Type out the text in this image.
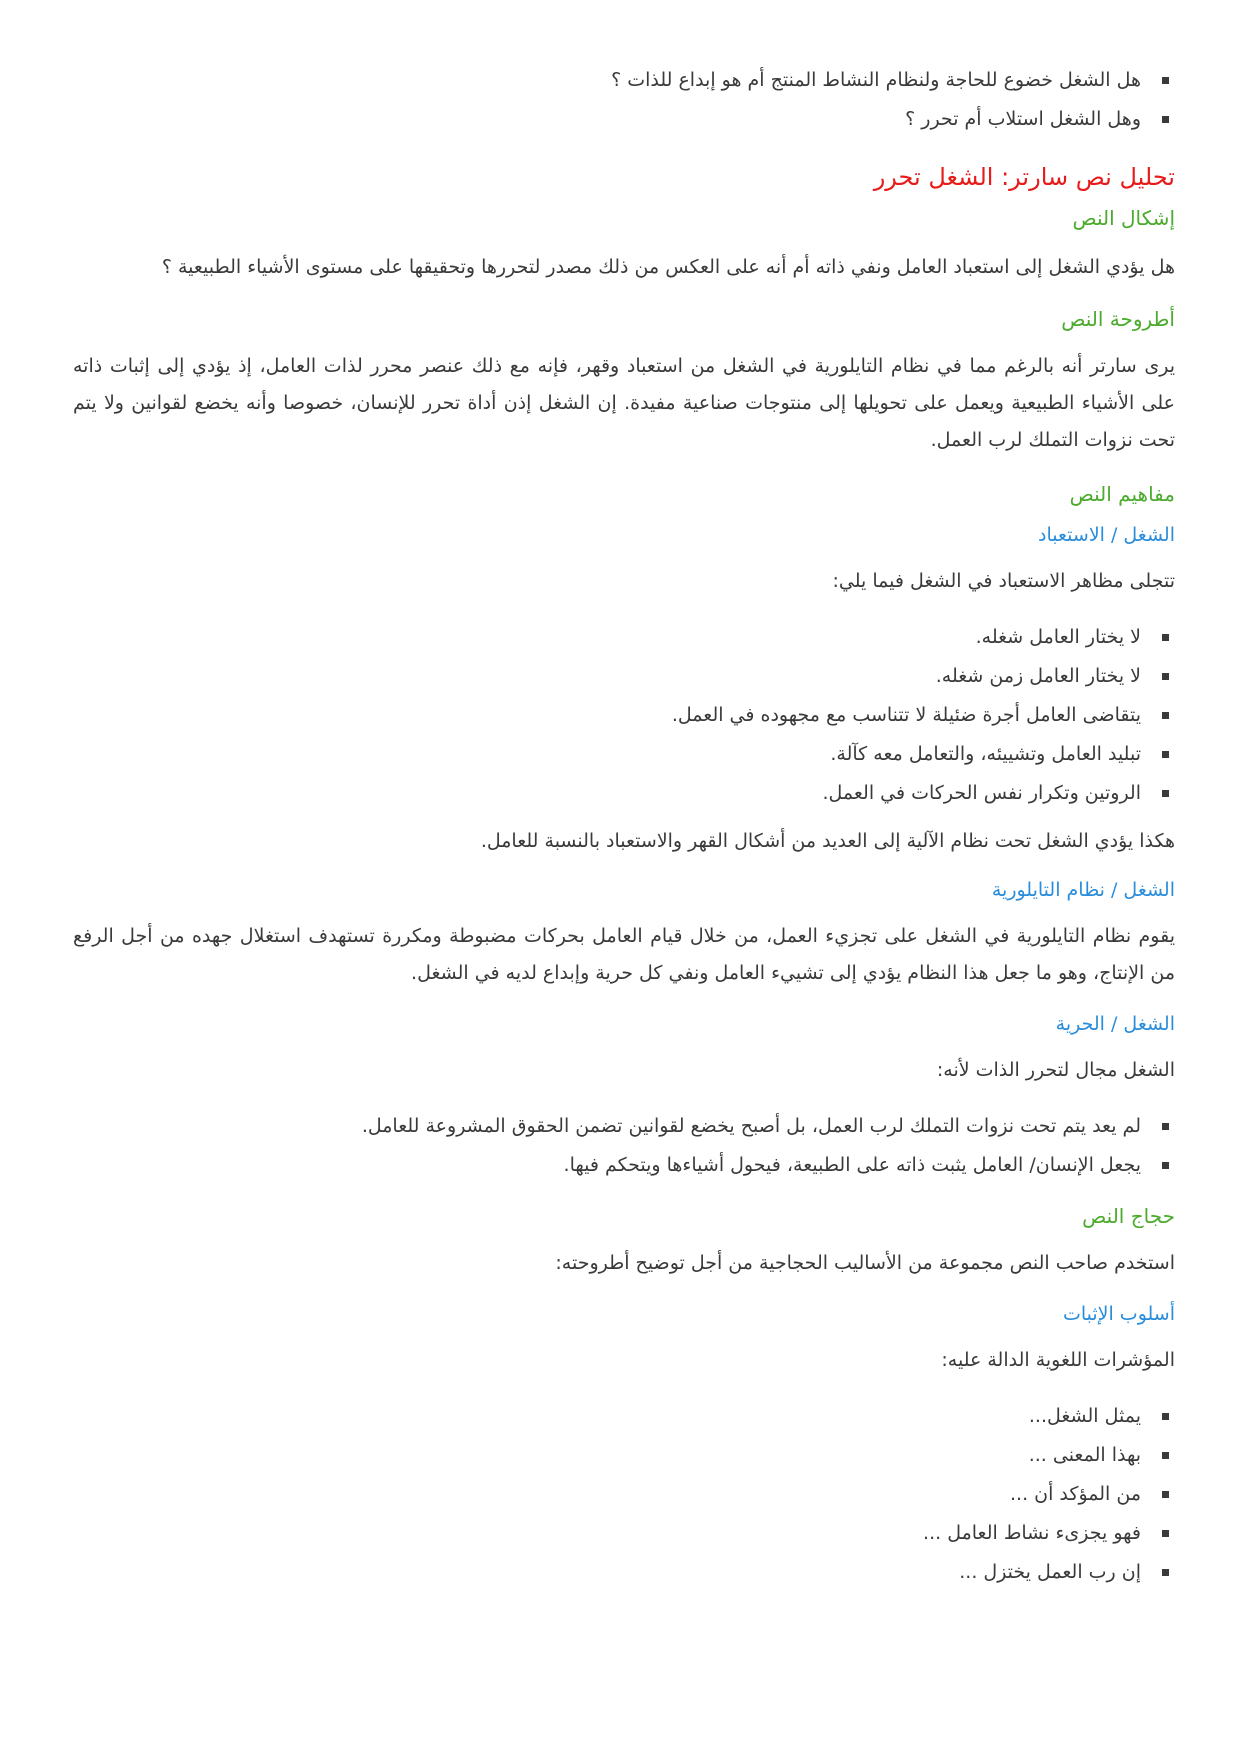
هل الشغل خضوع للحاجة ولنظام النشاط المنتج أم هو إبداع للذات ؟
وهل الشغل استلاب أم تحرر ؟
تحليل نص سارتر: الشغل تحرر
إشكال النص

هل يؤدي الشغل إلى استعباد العامل ونفي ذاته أم أنه على العكس من ذلك مصدر لتحررها وتحقيقها على مستوى الأشياء الطبيعية ؟

أطروحة النص

يرى سارتر أنه بالرغم مما في نظام التايلورية في الشغل من استعباد وقهر، فإنه مع ذلك عنصر محرر لذات العامل، إذ يؤدي إلى إثبات ذاته على الأشياء الطبيعية ويعمل على تحويلها إلى منتوجات صناعية مفيدة. إن الشغل إذن أداة تحرر للإنسان، خصوصا وأنه يخضع لقوانين ولا يتم تحت نزوات التملك لرب العمل.

مفاهيم النص
الشغل / الاستعباد

تتجلى مظاهر الاستعباد في الشغل فيما يلي:

لا يختار العامل شغله.
لا يختار العامل زمن شغله.
يتقاضى العامل أجرة ضئيلة لا تتناسب مع مجهوده في العمل.
تبليد العامل وتشييئه، والتعامل معه كآلة.
الروتين وتكرار نفس الحركات في العمل.

هكذا يؤدي الشغل تحت نظام الآلية إلى العديد من أشكال القهر والاستعباد بالنسبة للعامل.

الشغل / نظام التايلورية

يقوم نظام التايلورية في الشغل على تجزيء العمل، من خلال قيام العامل بحركات مضبوطة ومكررة تستهدف استغلال جهده من أجل الرفع من الإنتاج، وهو ما جعل هذا النظام يؤدي إلى تشييء العامل ونفي كل حرية وإبداع لديه في الشغل.

الشغل / الحرية

الشغل مجال لتحرر الذات لأنه:

لم يعد يتم تحت نزوات التملك لرب العمل، بل أصبح يخضع لقوانين تضمن الحقوق المشروعة للعامل.
يجعل الإنسان/ العامل يثبت ذاته على الطبيعة، فيحول أشياءها ويتحكم فيها.
حجاج النص

استخدم صاحب النص مجموعة من الأساليب الحجاجية من أجل توضيح أطروحته:

أسلوب الإثبات

المؤشرات اللغوية الدالة عليه:

يمثل الشغل...
بهذا المعنى ...
من المؤكد أن ...
فهو يجزىء نشاط العامل ...
إن رب العمل يختزل ...
